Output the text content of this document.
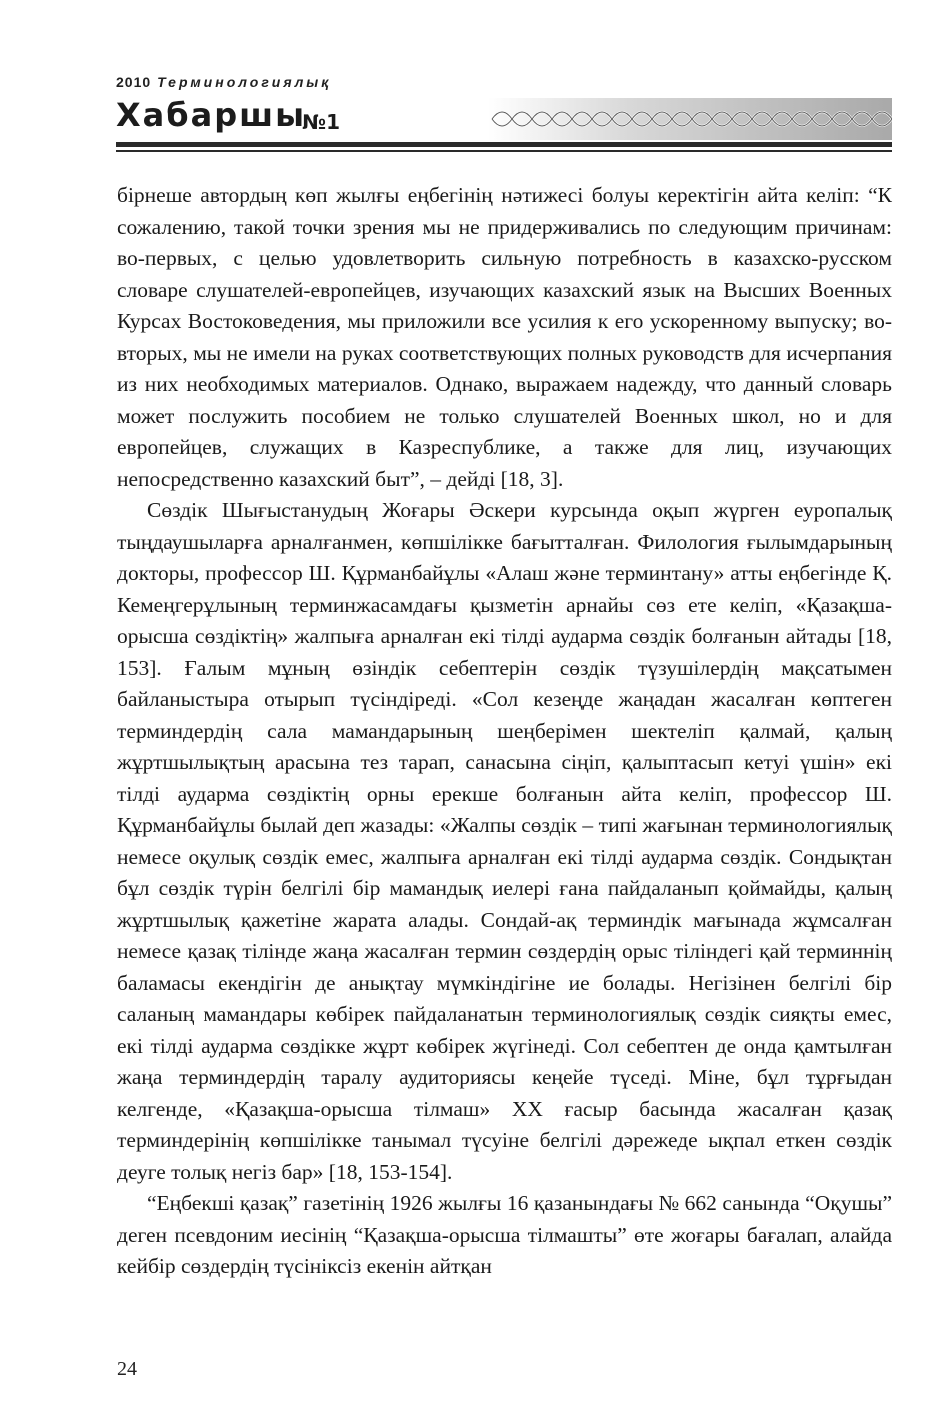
2010 Терминологиялық
Хабаршы
№1

бірнеше автордың көп жылғы еңбегінің нәтижесі болуы керектігін айта келіп: “К сожалению, такой точки зрения мы не придерживались по следующим причинам: во-первых, с целью удовлетворить сильную потребность в казахско-русском словаре слушателей-европейцев, изучающих казахский язык на Высших Военных Курсах Востоковедения, мы приложили все усилия к его ускоренному выпуску; во-вторых, мы не имели на руках соответствующих полных руководств для исчерпания из них необходимых материалов. Однако, выражаем надежду, что данный словарь может послужить пособием не только слушателей Военных школ, но и для европейцев, служащих в Казреспублике, а также для лиц, изучающих непосредственно казахский быт”, – дейді [18, 3].

Сөздік Шығыстанудың Жоғары Әскери курсында оқып жүрген еуропалық тыңдаушыларға арналғанмен, көпшілікке бағытталған. Филология ғылымдарының докторы, профессор Ш. Құрманбайұлы «Алаш және терминтану» атты еңбегінде Қ. Кемеңгерұлының терминжасамдағы қызметін арнайы сөз ете келіп, «Қазақша-орысша сөздіктің» жалпыға арналған екі тілді аударма сөздік болғанын айтады [18, 153]. Ғалым мұның өзіндік себептерін сөздік түзушілердің мақсатымен байланыстыра отырып түсіндіреді. «Сол кезеңде жаңадан жасалған көптеген терминдердің сала мамандарының шеңберімен шектеліп қалмай, қалың жұртшылықтың арасына тез тарап, санасына сіңіп, қалыптасып кетуі үшін» екі тілді аударма сөздіктің орны ерекше болғанын айта келіп, профессор Ш. Құрманбайұлы былай деп жазады: «Жалпы сөздік – типі жағынан терминологиялық немесе оқулық сөздік емес, жалпыға арналған екі тілді аударма сөздік. Сондықтан бұл сөздік түрін белгілі бір мамандық иелері ғана пайдаланып қоймайды, қалың жұртшылық қажетіне жарата алады. Сондай-ақ терминдік мағынада жұмсалған немесе қазақ тілінде жаңа жасалған термин сөздердің орыс тіліндегі қай терминнің баламасы екендігін де анықтау мүмкіндігіне ие болады. Негізінен белгілі бір саланың мамандары көбірек пайдаланатын терминологиялық сөздік сияқты емес, екі тілді аударма сөздікке жұрт көбірек жүгінеді. Сол себептен де онда қамтылған жаңа терминдердің таралу аудиториясы кеңейе түседі. Міне, бұл тұрғыдан келгенде, «Қазақша-орысша тілмаш» XX ғасыр басында жасалған қазақ терминдерінің көпшілікке танымал түсуіне белгілі дәрежеде ықпал еткен сөздік деуге толық негіз бар» [18, 153-154].

“Еңбекші қазақ” газетінің 1926 жылғы 16 қазанындағы № 662 санында “Оқушы” деген псевдоним иесінің “Қазақша-орысша тілмашты” өте жоғары бағалап, алайда кейбір сөздердің түсініксіз екенін айтқан

24
